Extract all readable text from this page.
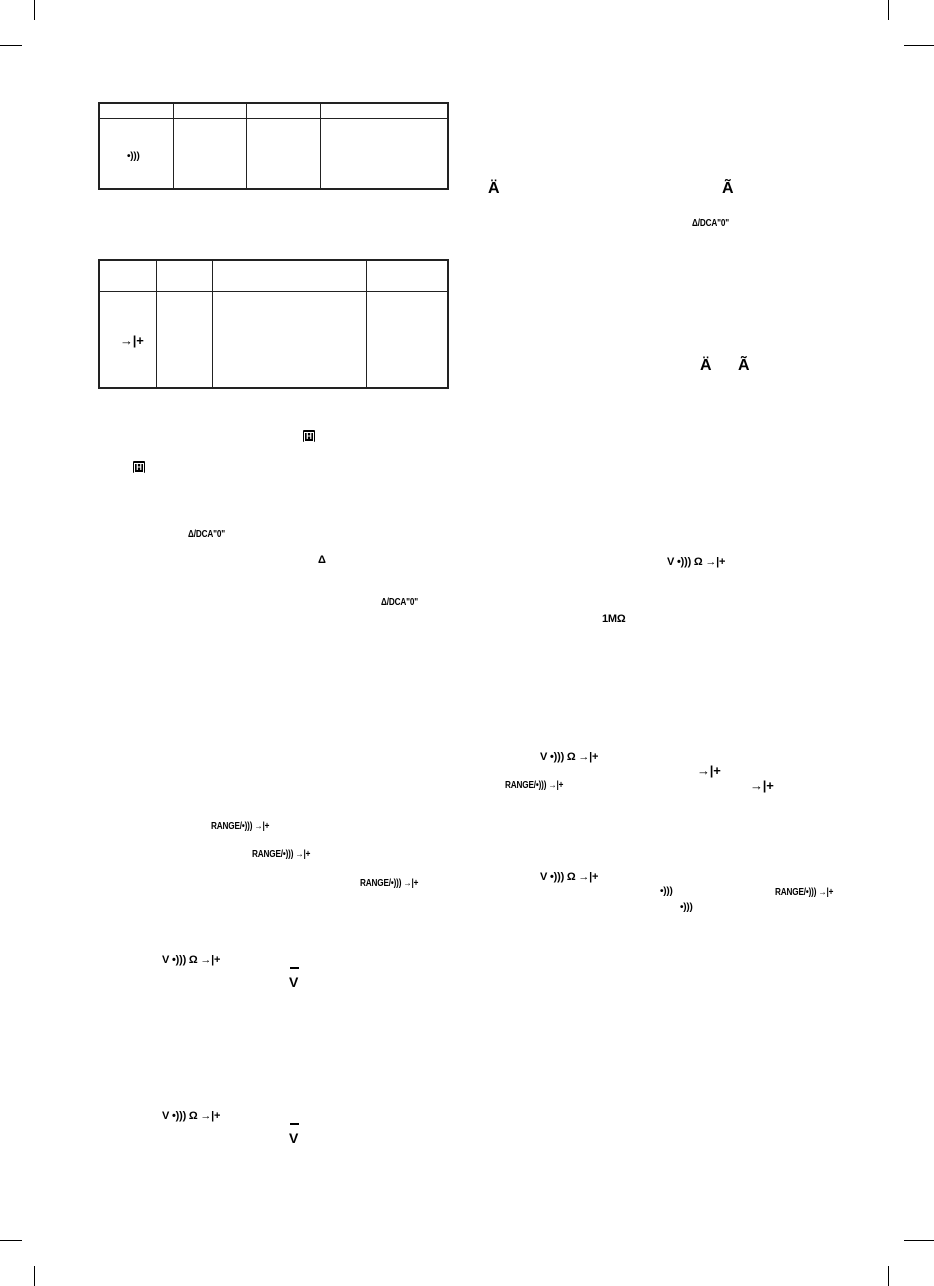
•)))
→|+
H
H
Δ/DCA"0"
Δ
Δ/DCA"0"
RANGE/•))) →|+
RANGE/•))) →|+
RANGE/•))) →|+
V •))) Ω →|+
V
V •))) Ω →|+
V
Ä	Ã
Δ/DCA"0"
Ä Ã
V •))) Ω →|+
1MΩ
V •))) Ω →|+
→|+
RANGE/•))) →|+	→|+
V •))) Ω →|+
•)))	RANGE/•))) →|+
•)))
